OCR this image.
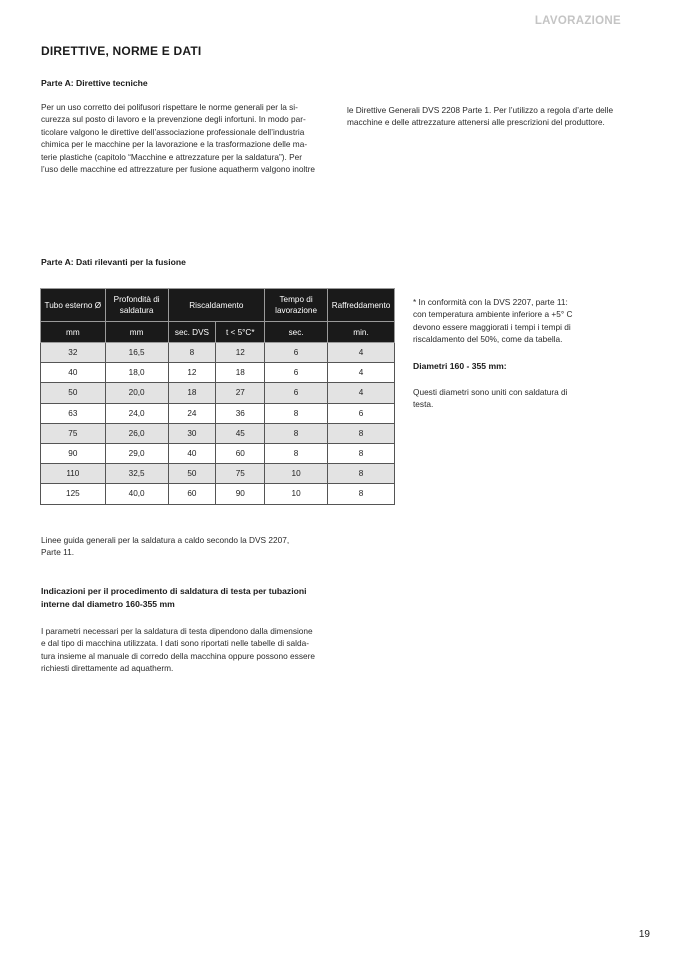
LAVORAZIONE
DIRETTIVE, NORME E DATI
Parte A: Direttive tecniche
Per un uso corretto dei polifusori rispettare le norme generali per la si-
curezza sul posto di lavoro e la prevenzione degli infortuni. In modo par-
ticolare valgono le direttive dell’associazione professionale dell’industria
chimica per le macchine per la lavorazione e la trasformazione delle ma-
terie plastiche (capitolo “Macchine e attrezzature per la saldatura”). Per
l’uso delle macchine ed attrezzature per fusione aquatherm valgono inoltre
le Direttive Generali DVS 2208 Parte 1. Per l’utilizzo a regola d’arte delle
macchine e delle attrezzature attenersi alle prescrizioni del produttore.
Parte A: Dati rilevanti per la fusione
Tubo esterno Ø	Profondità di saldatura	Riscaldamento		Tempo di lavorazione	Raffreddamento
mm	mm	sec. DVS	t < 5°C*	sec.	min.
32	16,5	8	12	6	4
40	18,0	12	18	6	4
50	20,0	18	27	6	4
63	24,0	24	36	8	6
75	26,0	30	45	8	8
90	29,0	40	60	8	8
110	32,5	50	75	10	8
125	40,0	60	90	10	8
* In conformità con la DVS 2207, parte 11:
con temperatura ambiente inferiore a +5° C
devono essere maggiorati i tempi i tempi di
riscaldamento del 50%, come da tabella.
Diametri 160 - 355 mm:
Questi diametri sono uniti con saldatura di
testa.
Linee guida generali per la saldatura a caldo secondo la DVS 2207,
Parte 11.
Indicazioni per il procedimento di saldatura di testa per tubazioni
interne dal diametro 160-355 mm
I parametri necessari per la saldatura di testa dipendono dalla dimensione
e dal tipo di macchina utilizzata. I dati sono riportati nelle tabelle di salda-
tura insieme al manuale di corredo della macchina oppure possono essere
richiesti direttamente ad aquatherm.
19
